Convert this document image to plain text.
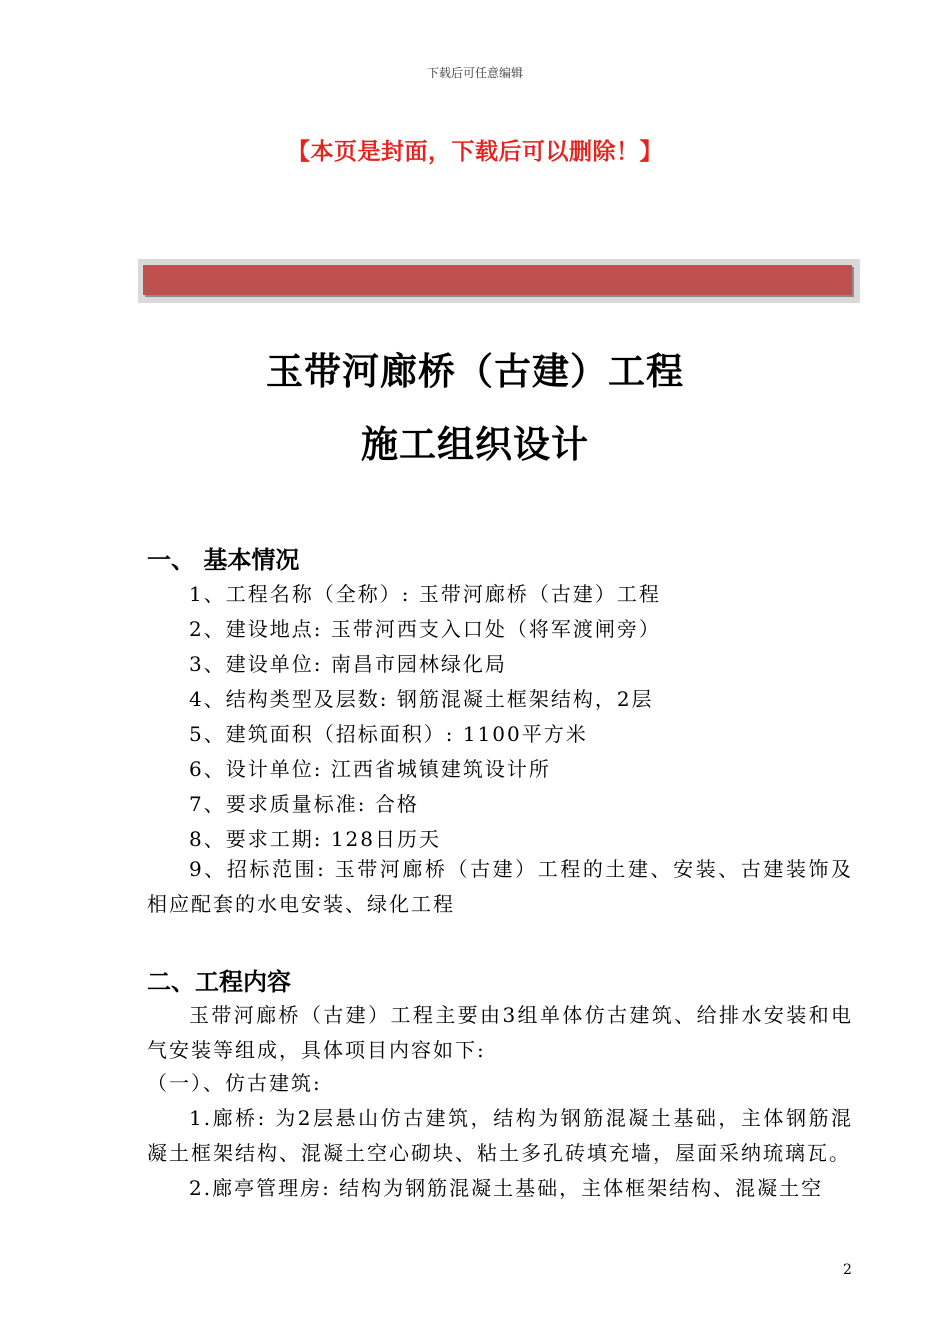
下载后可任意编辑
【本页是封面，下载后可以删除！】
玉带河廊桥（古建）工程
施工组织设计
一、 基本情况
1、工程名称（全称）: 玉带河廊桥（古建）工程
2、建设地点: 玉带河西支入口处（将军渡闸旁）
3、建设单位: 南昌市园林绿化局
4、结构类型及层数: 钢筋混凝土框架结构，2层
5、建筑面积（招标面积）: 1100平方米
6、设计单位: 江西省城镇建筑设计所
7、要求质量标准: 合格
8、要求工期: 128日历天
9、招标范围: 玉带河廊桥（古建）工程的土建、安装、古建装饰及相应配套的水电安装、绿化工程
二、工程内容
玉带河廊桥（古建）工程主要由3组单体仿古建筑、给排水安装和电气安装等组成，具体项目内容如下:
（一）、仿古建筑:
1.廊桥: 为2层悬山仿古建筑，结构为钢筋混凝土基础，主体钢筋混凝土框架结构、混凝土空心砌块、粘土多孔砖填充墙，屋面采纳琉璃瓦。
2.廊亭管理房: 结构为钢筋混凝土基础，主体框架结构、混凝土空
2
